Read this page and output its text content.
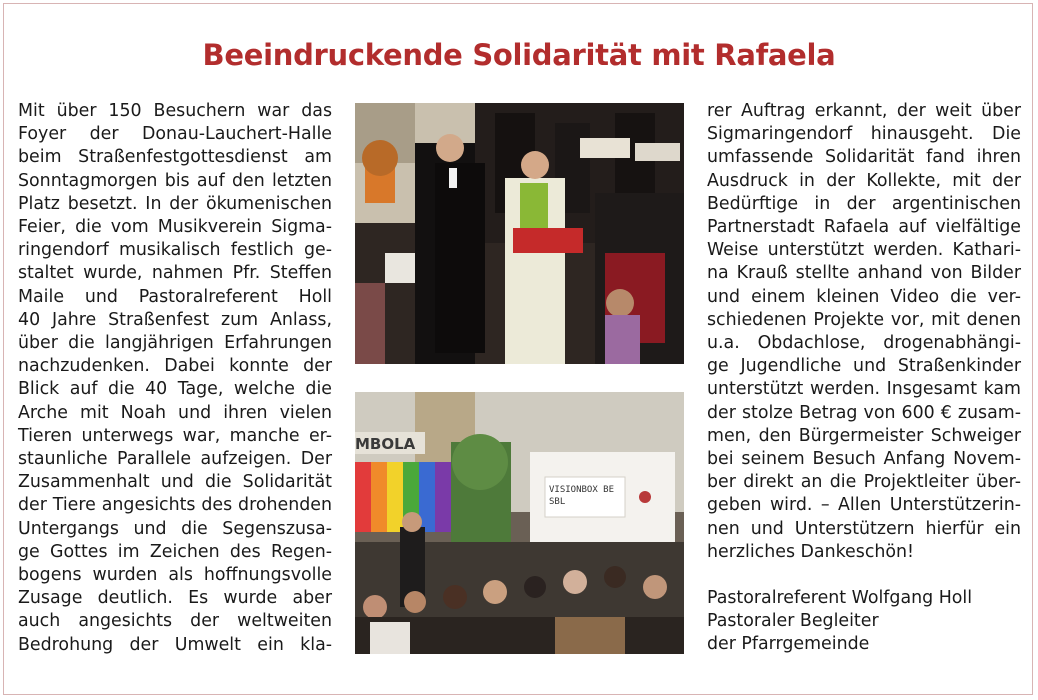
Beeindruckende Solidarität mit Rafaela

Mit über 150 Besuchern war das

Foyer der Donau-Lauchert-Halle

beim Straßenfestgottesdienst am

Sonntagmorgen bis auf den letzten

Platz besetzt. In der ökumenischen

Feier, die vom Musikverein Sigma-

ringendorf musikalisch festlich ge-

staltet wurde, nahmen Pfr. Steffen

Maile und Pastoralreferent Holl

40 Jahre Straßenfest zum Anlass,

über die langjährigen Erfahrungen

nachzudenken. Dabei konnte der

Blick auf die 40 Tage, welche die

Arche mit Noah und ihren vielen

Tieren unterwegs war, manche er-

staunliche Parallele aufzeigen. Der

Zusammenhalt und die Solidarität

der Tiere angesichts des drohenden

Untergangs und die Segenszusa-

ge Gottes im Zeichen des Regen-

bogens wurden als hoffnungsvolle

Zusage deutlich. Es wurde aber

auch angesichts der weltweiten

Bedrohung der Umwelt ein kla-

MBOLA
VISIONBOX BE
SBL

rer Auftrag erkannt, der weit über

Sigmaringendorf hinausgeht. Die

umfassende Solidarität fand ihren

Ausdruck in der Kollekte, mit der

Bedürftige in der argentinischen

Partnerstadt Rafaela auf vielfältige

Weise unterstützt werden. Kathari-

na Krauß stellte anhand von Bilder

und einem kleinen Video die ver-

schiedenen Projekte vor, mit denen

u.a. Obdachlose, drogenabhängi-

ge Jugendliche und Straßenkinder

unterstützt werden. Insgesamt kam

der stolze Betrag von 600 € zusam-

men, den Bürgermeister Schweiger

bei seinem Besuch Anfang Novem-

ber direkt an die Projektleiter über-

geben wird. – Allen Unterstützerin-

nen und Unterstützern hierfür ein

herzliches Dankeschön!

Pastoralreferent Wolfgang Holl
Pastoraler Begleiter
der Pfarrgemeinde
